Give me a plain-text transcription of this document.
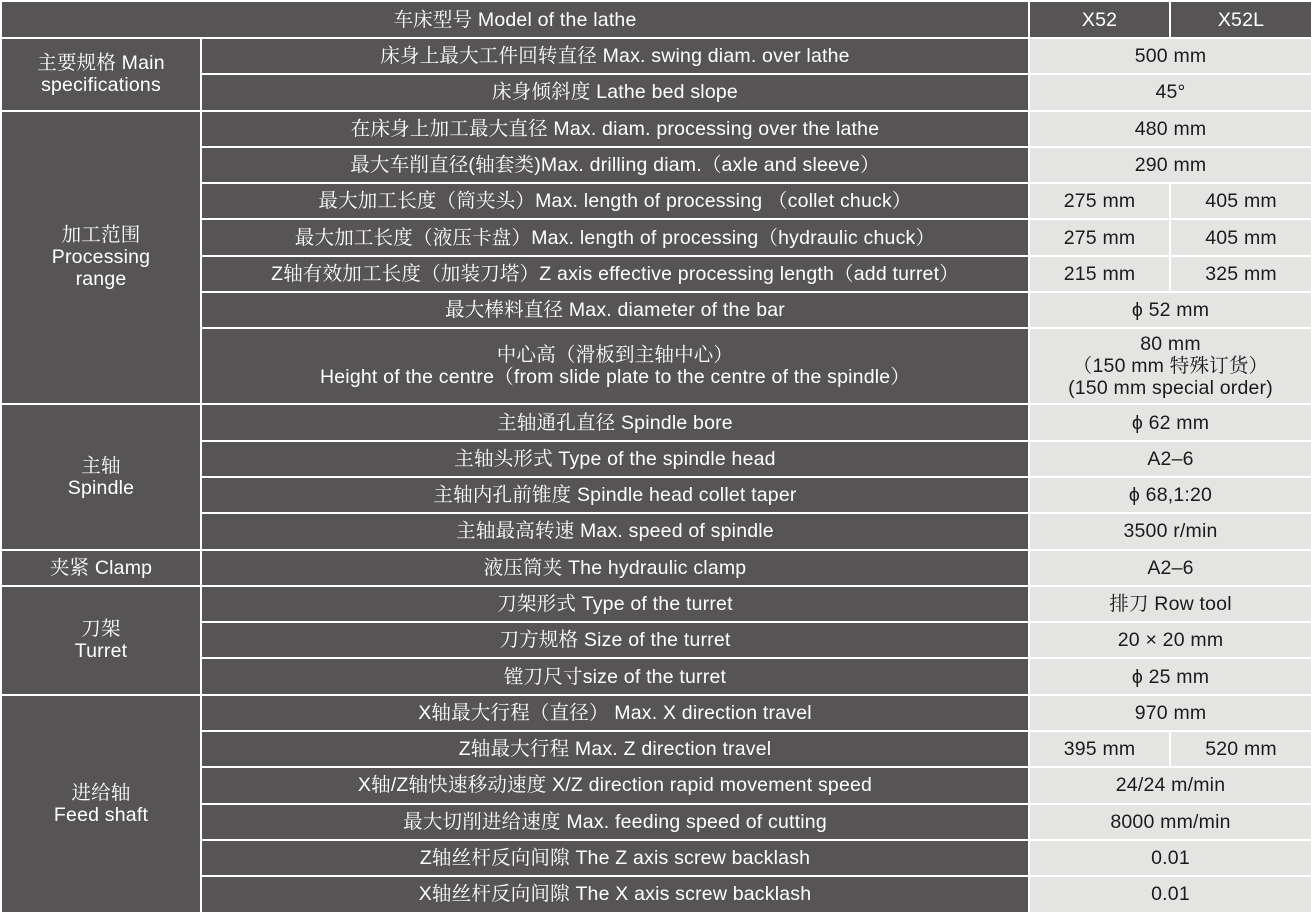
车床型号 Model of the lathe		X52	X52L

主要规格 Main
specifications	床身上最大工件回转直径 Max. swing diam. over lathe	500 mm	
	床身倾斜度 Lathe bed slope	45°	

加工范围
Processing
range	在床身上加工最大直径 Max. diam. processing over the lathe	480 mm	
	最大车削直径(轴套类)Max. drilling diam.（axle and sleeve）	290 mm	
	最大加工长度（筒夹头）Max. length of processing （collet chuck）	275 mm	405 mm
	最大加工长度（液压卡盘）Max. length of processing（hydraulic chuck）	275 mm	405 mm
	Z轴有效加工长度（加装刀塔）Z axis effective processing length（add turret）	215 mm	325 mm
	最大棒料直径 Max. diameter of the bar	ϕ 52 mm	

	中心高（滑板到主轴中心）
Height of the centre（from slide plate to the centre of the spindle）	80 mm
（150 mm 特殊订货）
(150 mm special order)	

主轴
Spindle	主轴通孔直径 Spindle bore	ϕ 62 mm	
	主轴头形式 Type of the spindle head	A2–6	
	主轴内孔前锥度 Spindle head collet taper	ϕ 68,1:20	
	主轴最高转速 Max. speed of spindle	3500 r/min	
夹紧 Clamp	液压筒夹 The hydraulic clamp	A2–6	

刀架
Turret	刀架形式 Type of the turret	排刀 Row tool	
	刀方规格 Size of the turret	20 × 20 mm	
	镗刀尺寸size of the turret	ϕ 25 mm	

进给轴
Feed shaft	X轴最大行程（直径） Max. X direction travel	970 mm	
	Z轴最大行程 Max. Z direction travel	395 mm	520 mm
	X轴/Z轴快速移动速度 X/Z direction rapid movement speed	24/24 m/min	
	最大切削进给速度 Max. feeding speed of cutting	8000 mm/min	
	Z轴丝杆反向间隙 The Z axis screw backlash	0.01	
	X轴丝杆反向间隙 The X axis screw backlash	0.01	
